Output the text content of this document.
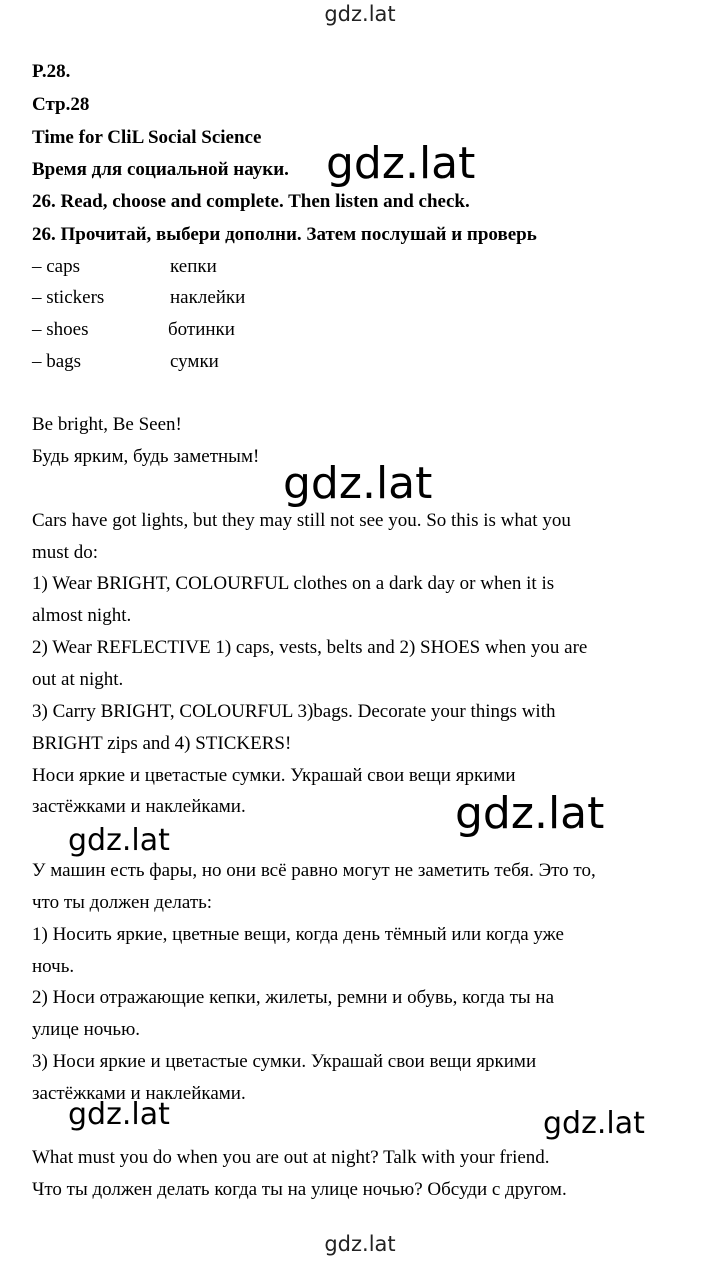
gdz.lat
P.28.
Стр.28
Time for CliL Social Science
Время для социальной науки.
26. Read, choose and complete. Then listen and check.
26. Прочитай, выбери дополни. Затем послушай и проверь
– caps	кепки
– stickers	наклейки
– shoes	ботинки
– bags	сумки
Be bright, Be Seen!
Будь ярким, будь заметным!
Cars have got lights, but they may still not see you. So this is what you
must do:
1) Wear BRIGHT, COLOURFUL clothes on a dark day or when it is
almost night.
2) Wear REFLECTIVE 1) caps, vests, belts and 2) SHOES when you are
out at night.
3) Carry BRIGHT, COLOURFUL 3)bags. Decorate your things with
BRIGHT zips and 4) STICKERS!
Носи яркие и цветастые сумки. Украшай свои вещи яркими
застёжками и наклейками.
У машин есть фары, но они всё равно могут не заметить тебя. Это то,
что ты должен делать:
1) Носить яркие, цветные вещи, когда день тёмный или когда уже
ночь.
2) Носи отражающие кепки, жилеты, ремни и обувь, когда ты на
улице ночью.
3) Носи яркие и цветастые сумки. Украшай свои вещи яркими
застёжками и наклейками.
What must you do when you are out at night? Talk with your friend.
Что ты должен делать когда ты на улице ночью? Обсуди с другом.
gdz.lat
gdz.lat
gdz.lat
gdz.lat
gdz.lat	gdz.lat
gdz.lat
